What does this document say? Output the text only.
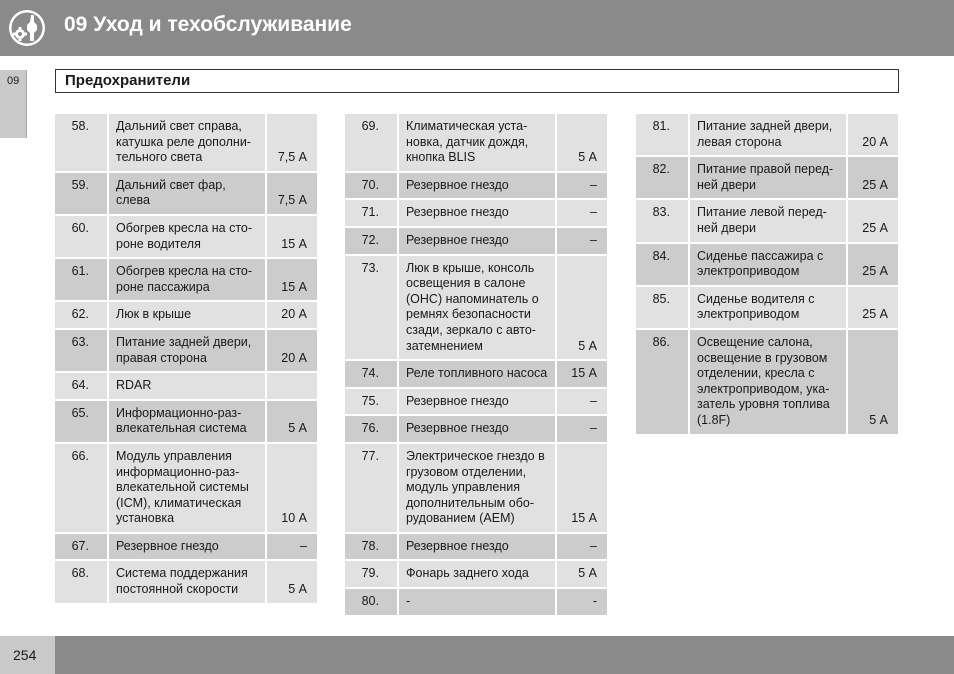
09 Уход и техобслуживание
09	Предохранители
58.	Дальний свет справа, катушка реле дополни-тельного света	7,5 А
59.	Дальний свет фар, слева	7,5 А
60.	Обогрев кресла на сто-роне водителя	15 А
61.	Обогрев кресла на сто-роне пассажира	15 А
62.	Люк в крыше	20 А
63.	Питание задней двери, правая сторона	20 А
64.	RDAR	
65.	Информационно-раз-влекательная система	5 А
66.	Модуль управления информационно-раз-влекательной системы (ICM), климатическая установка	10 А
67.	Резервное гнездо	–
68.	Система поддержания постоянной скорости	5 А
69.	Климатическая уста-новка, датчик дождя, кнопка BLIS	5 А
70.	Резервное гнездо	–
71.	Резервное гнездо	–
72.	Резервное гнездо	–
73.	Люк в крыше, консоль освещения в салоне (OHC) напоминатель о ремнях безопасности сзади, зеркало с авто-затемнением	5 А
74.	Реле топливного насоса	15 А
75.	Резервное гнездо	–
76.	Резервное гнездо	–
77.	Электрическое гнездо в грузовом отделении, модуль управления дополнительным обо-рудованием (AEM)	15 А
78.	Резервное гнездо	–
79.	Фонарь заднего хода	5 А
80.	-	-
81.	Питание задней двери, левая сторона	20 А
82.	Питание правой перед-ней двери	25 А
83.	Питание левой перед-ней двери	25 А
84.	Сиденье пассажира с электроприводом	25 А
85.	Сиденье водителя с электроприводом	25 А
86.	Освещение салона, освещение в грузовом отделении, кресла с электроприводом, ука-затель уровня топлива (1.8F)	5 А
254
